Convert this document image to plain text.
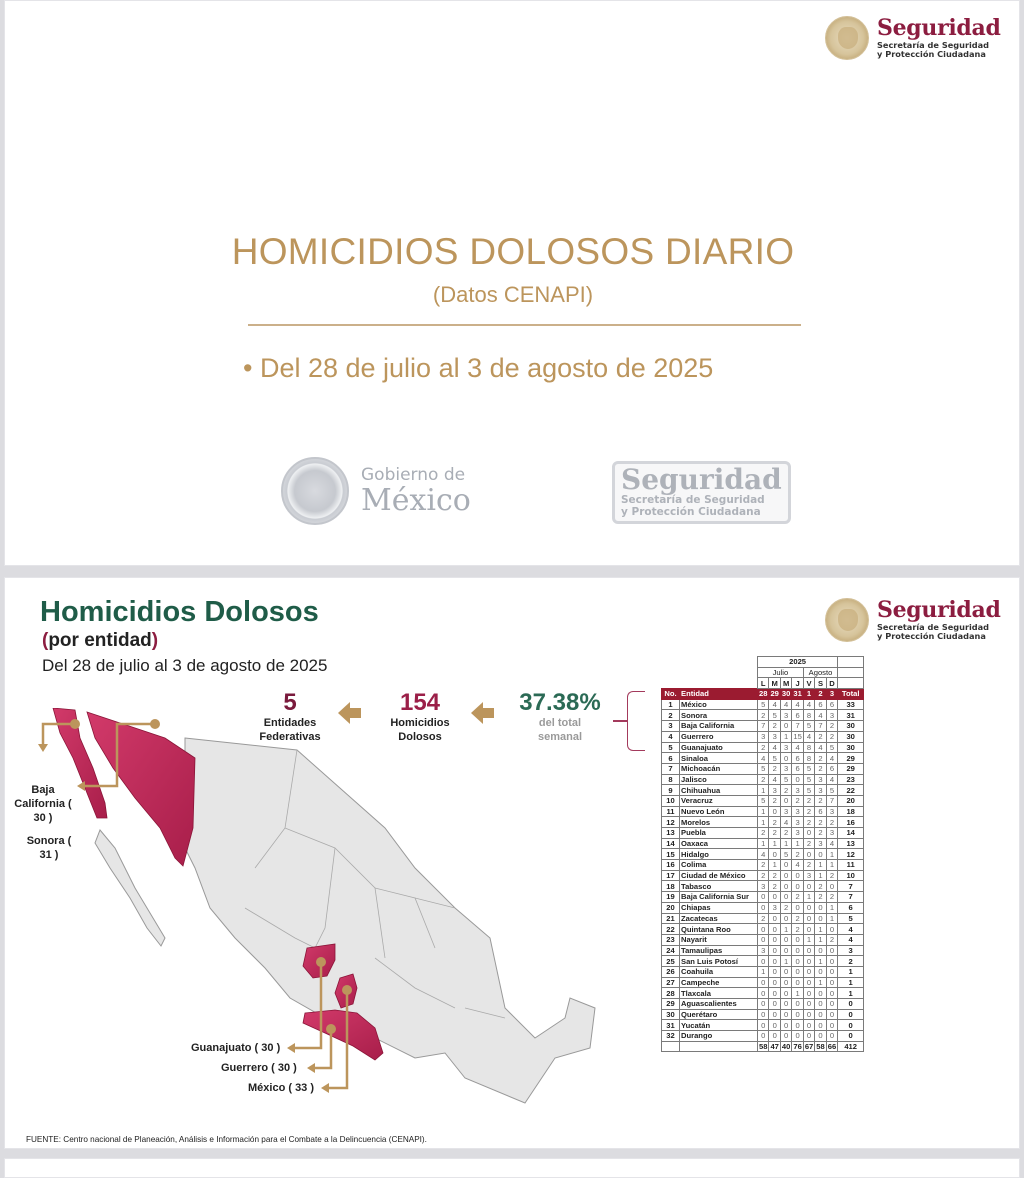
Seguridad
Secretaría de Seguridad
y Protección Ciudadana
HOMICIDIOS DOLOSOS DIARIO
(Datos CENAPI)
• Del 28 de julio al 3 de agosto de 2025
Gobierno de
México
Seguridad
Secretaría de Seguridad
y Protección Ciudadana
Homicidios Dolosos
(por entidad)
Del 28 de julio al 3 de agosto de 2025
Seguridad
Secretaría de Seguridad
y Protección Ciudadana
5
Entidades
Federativas
154
Homicidios
Dolosos
37.38%
del total
semanal
Baja
California (
30 )
Sonora (
31 )
Guanajuato ( 30 )
Guerrero ( 30 )
México ( 33 )
		2025							
		Julio				Agosto			
		L	M	M	J	V	S	D	
No.	Entidad	28	29	30	31	1	2	3	Total
1	México	5	4	4	4	4	6	6	33
2	Sonora	2	5	3	6	8	4	3	31
3	Baja California	7	2	0	7	5	7	2	30
4	Guerrero	3	3	1	15	4	2	2	30
5	Guanajuato	2	4	3	4	8	4	5	30
6	Sinaloa	4	5	0	6	8	2	4	29
7	Michoacán	5	2	3	6	5	2	6	29
8	Jalisco	2	4	5	0	5	3	4	23
9	Chihuahua	1	3	2	3	5	3	5	22
10	Veracruz	5	2	0	2	2	2	7	20
11	Nuevo León	1	0	3	3	2	6	3	18
12	Morelos	1	2	4	3	2	2	2	16
13	Puebla	2	2	2	3	0	2	3	14
14	Oaxaca	1	1	1	1	2	3	4	13
15	Hidalgo	4	0	5	2	0	0	1	12
16	Colima	2	1	0	4	2	1	1	11
17	Ciudad de México	2	2	0	0	3	1	2	10
18	Tabasco	3	2	0	0	0	2	0	7
19	Baja California Sur	0	0	0	2	1	2	2	7
20	Chiapas	0	3	2	0	0	0	1	6
21	Zacatecas	2	0	0	2	0	0	1	5
22	Quintana Roo	0	0	1	2	0	1	0	4
23	Nayarit	0	0	0	0	1	1	2	4
24	Tamaulipas	3	0	0	0	0	0	0	3
25	San Luis Potosí	0	0	1	0	0	1	0	2
26	Coahuila	1	0	0	0	0	0	0	1
27	Campeche	0	0	0	0	0	1	0	1
28	Tlaxcala	0	0	0	1	0	0	0	1
29	Aguascalientes	0	0	0	0	0	0	0	0
30	Querétaro	0	0	0	0	0	0	0	0
31	Yucatán	0	0	0	0	0	0	0	0
32	Durango	0	0	0	0	0	0	0	0
		58	47	40	76	67	58	66	412
FUENTE: Centro nacional de Planeación, Análisis e Información para el Combate a la Delincuencia (CENAPI).
